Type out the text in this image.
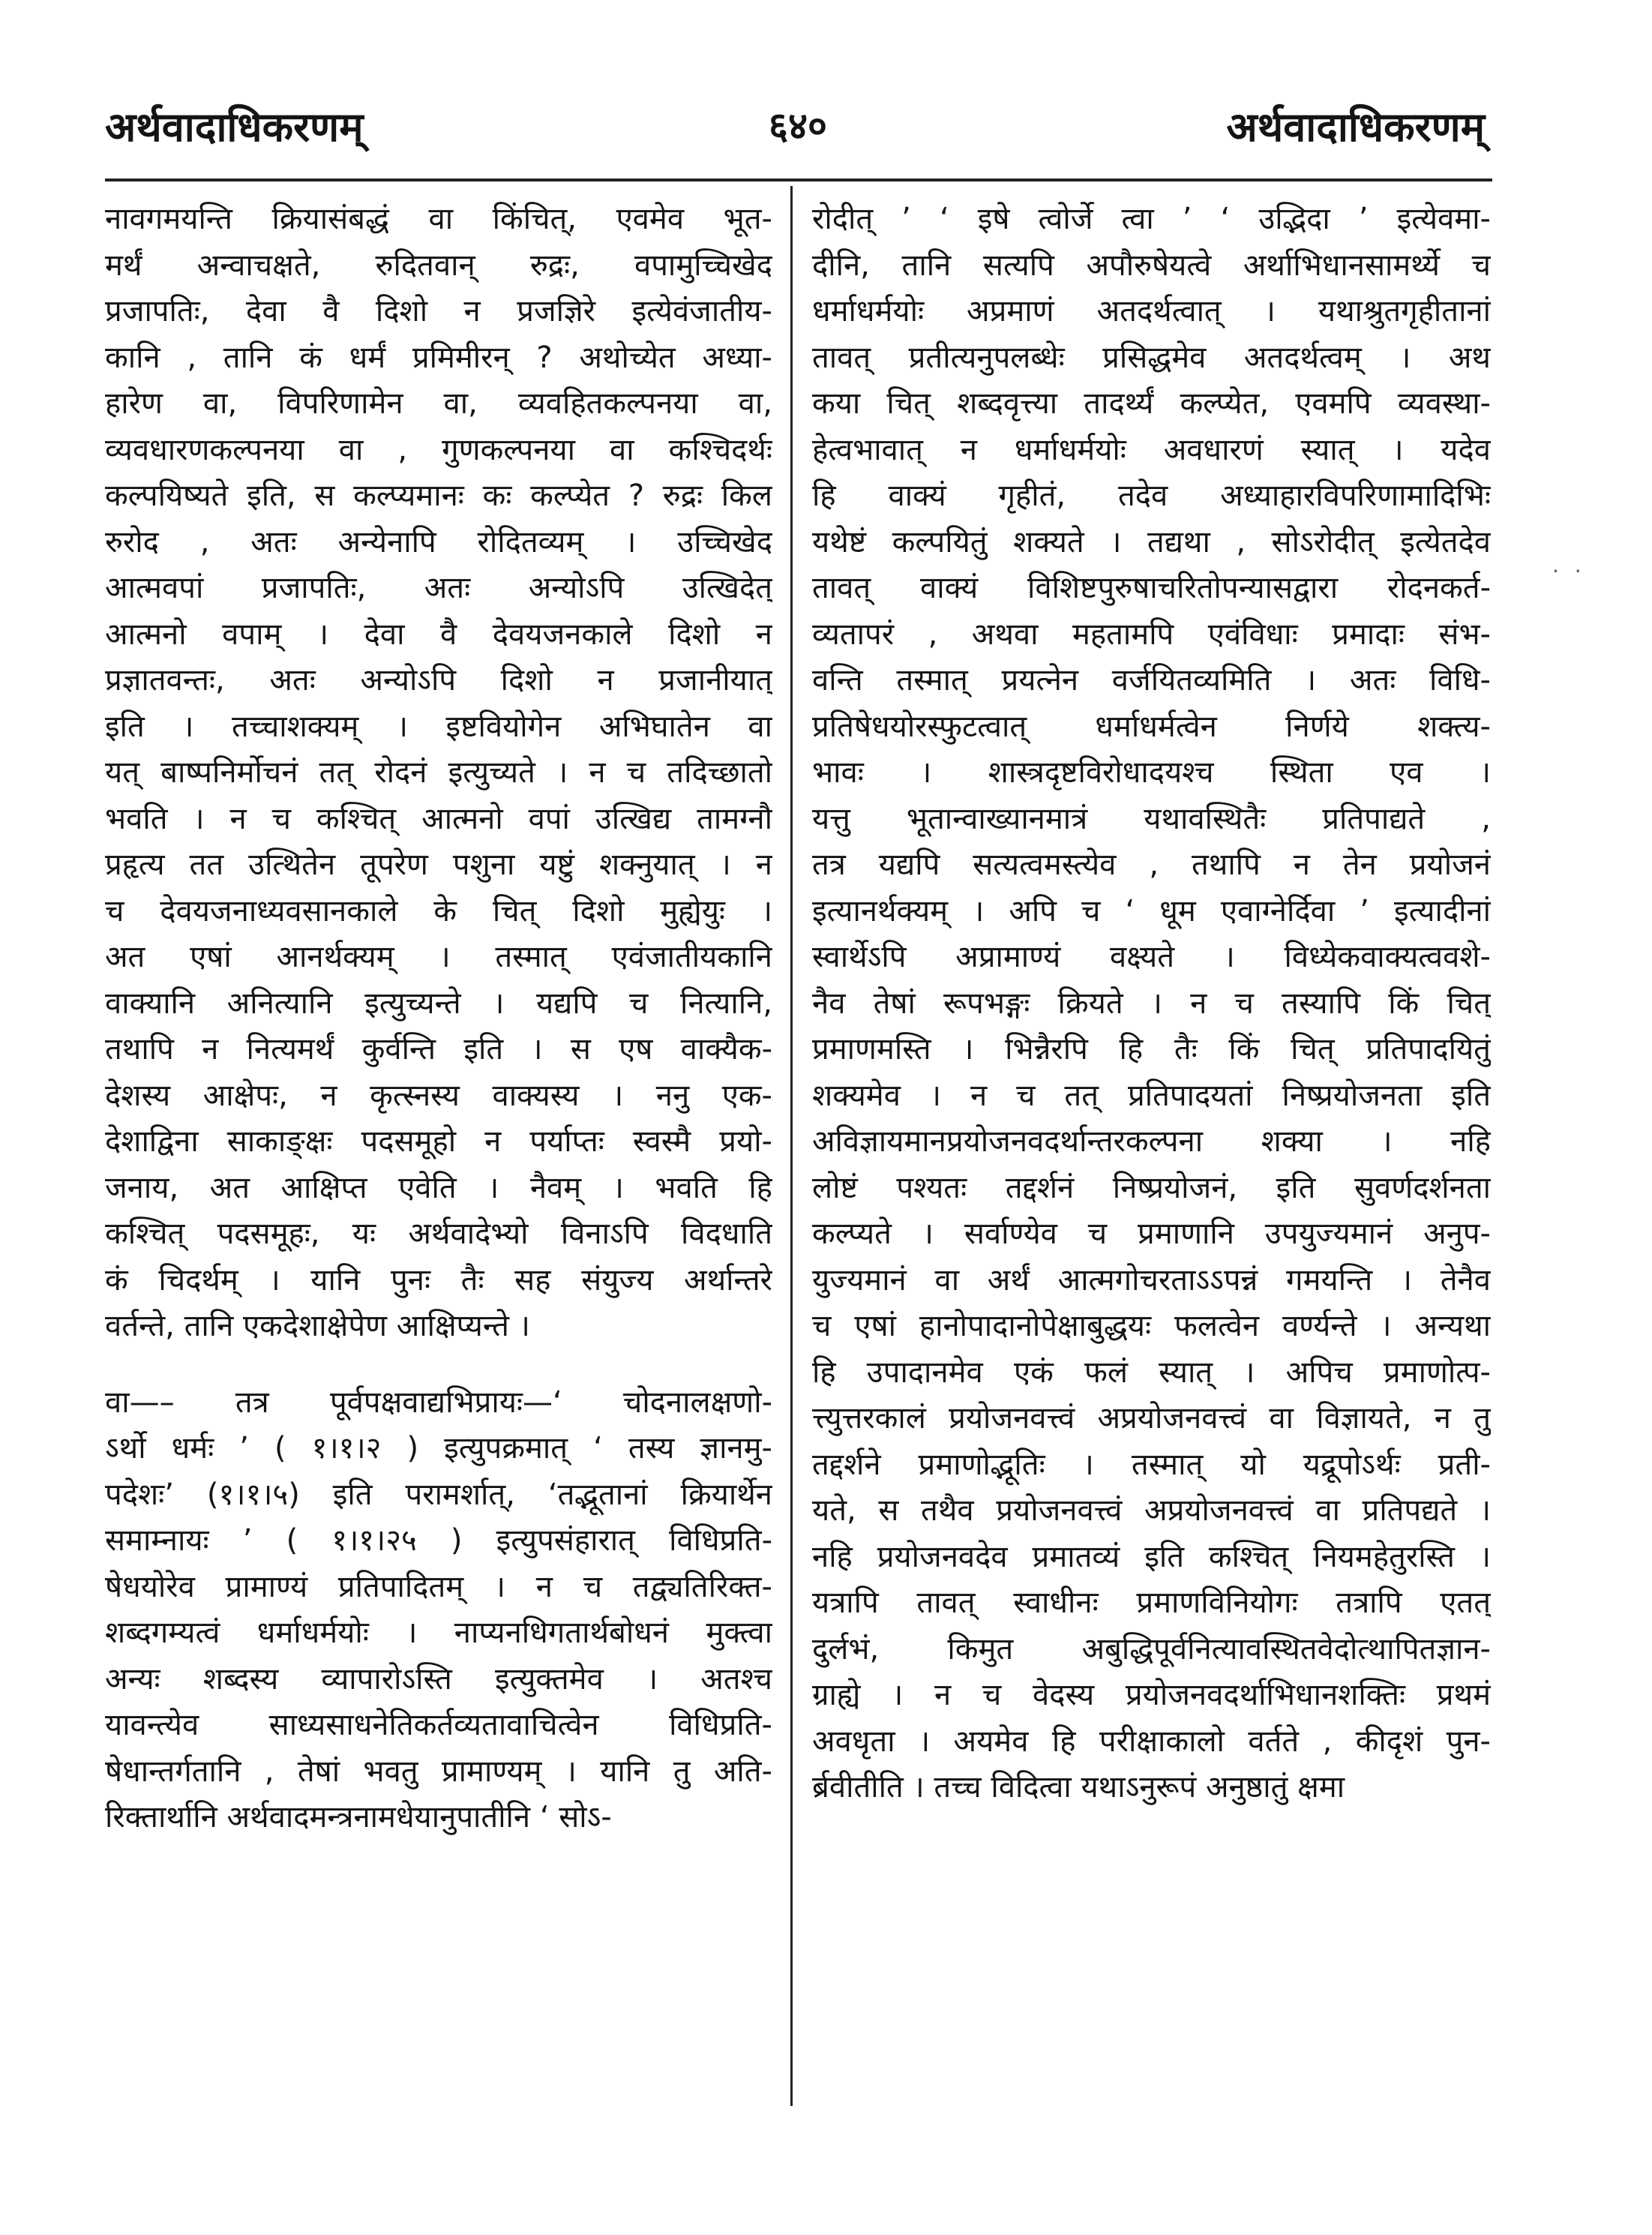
अर्थवादाधिकरणम्	६४०	अर्थवादाधिकरणम्
· ·
नावगमयन्ति क्रियासंबद्धं वा किंचित्, एवमेव भूत-
मर्थं अन्वाचक्षते, रुदितवान् रुद्रः, वपामुच्चिखेद
प्रजापतिः, देवा वै दिशो न प्रजज्ञिरे इत्येवंजातीय-
कानि , तानि कं धर्मं प्रमिमीरन् ? अथोच्येत अध्या-
हारेण वा, विपरिणामेन वा, व्यवहितकल्पनया वा,
व्यवधारणकल्पनया वा , गुणकल्पनया वा कश्चिदर्थः
कल्पयिष्यते इति, स कल्प्यमानः कः कल्प्येत ? रुद्रः किल
रुरोद , अतः अन्येनापि रोदितव्यम् । उच्चिखेद
आत्मवपां प्रजापतिः, अतः अन्योऽपि उत्खिदेत्
आत्मनो वपाम् । देवा वै देवयजनकाले दिशो न
प्रज्ञातवन्तः, अतः अन्योऽपि दिशो न प्रजानीयात्
इति । तच्चाशक्यम् । इष्टवियोगेन अभिघातेन वा
यत् बाष्पनिर्मोचनं तत् रोदनं इत्युच्यते । न च तदिच्छातो
भवति । न च कश्चित् आत्मनो वपां उत्खिद्य तामग्नौ
प्रहृत्य तत उत्थितेन तूपरेण पशुना यष्टुं शक्नुयात् । न
च देवयजनाध्यवसानकाले के चित् दिशो मुह्येयुः ।
अत एषां आनर्थक्यम् । तस्मात् एवंजातीयकानि
वाक्यानि अनित्यानि इत्युच्यन्ते । यद्यपि च नित्यानि,
तथापि न नित्यमर्थं कुर्वन्ति इति । स एष वाक्यैक-
देशस्य आक्षेपः, न कृत्स्नस्य वाक्यस्य । ननु एक-
देशाद्विना साकाङ्क्षः पदसमूहो न पर्याप्तः स्वस्मै प्रयो-
जनाय, अत आक्षिप्त एवेति । नैवम् । भवति हि
कश्चित् पदसमूहः, यः अर्थवादेभ्यो विनाऽपि विदधाति
कं चिदर्थम् । यानि पुनः तैः सह संयुज्य अर्थान्तरे
वर्तन्ते, तानि एकदेशाक्षेपेण आक्षिप्यन्ते ।
वा—– तत्र पूर्वपक्षवाद्यभिप्रायः—‘ चोदनालक्षणो-
ऽर्थो धर्मः ’ ( १।१।२ ) इत्युपक्रमात् ‘ तस्य ज्ञानमु-
पदेशः’ (१।१।५) इति परामर्शात्, ‘तद्भूतानां क्रियार्थेन
समाम्नायः ’ ( १।१।२५ ) इत्युपसंहारात् विधिप्रति-
षेधयोरेव प्रामाण्यं प्रतिपादितम् । न च तद्व्यतिरिक्त-
शब्दगम्यत्वं धर्माधर्मयोः । नाप्यनधिगतार्थबोधनं मुक्त्वा
अन्यः शब्दस्य व्यापारोऽस्ति इत्युक्तमेव । अतश्च
यावन्त्येव साध्यसाधनेतिकर्तव्यतावाचित्वेन विधिप्रति-
षेधान्तर्गतानि , तेषां भवतु प्रामाण्यम् । यानि तु अति-
रिक्तार्थानि अर्थवादमन्त्रनामधेयानुपातीनि ‘ सोऽ-
रोदीत् ’ ‘ इषे त्वोर्जे त्वा ’ ‘ उद्भिदा ’ इत्येवमा-
दीनि, तानि सत्यपि अपौरुषेयत्वे अर्थाभिधानसामर्थ्ये च
धर्माधर्मयोः अप्रमाणं अतदर्थत्वात् । यथाश्रुतगृहीतानां
तावत् प्रतीत्यनुपलब्धेः प्रसिद्धमेव अतदर्थत्वम् । अथ
कया चित् शब्दवृत्त्या तादर्थ्यं कल्प्येत, एवमपि व्यवस्था-
हेत्वभावात् न धर्माधर्मयोः अवधारणं स्यात् । यदेव
हि वाक्यं गृहीतं, तदेव अध्याहारविपरिणामादिभिः
यथेष्टं कल्पयितुं शक्यते । तद्यथा , सोऽरोदीत् इत्येतदेव
तावत् वाक्यं विशिष्टपुरुषाचरितोपन्यासद्वारा रोदनकर्त-
व्यतापरं , अथवा महतामपि एवंविधाः प्रमादाः संभ-
वन्ति तस्मात् प्रयत्नेन वर्जयितव्यमिति । अतः विधि-
प्रतिषेधयोरस्फुटत्वात् धर्माधर्मत्वेन निर्णये शक्त्य-
भावः । शास्त्रदृष्टविरोधादयश्च स्थिता एव ।
यत्तु भूतान्वाख्यानमात्रं यथावस्थितैः प्रतिपाद्यते ,
तत्र यद्यपि सत्यत्वमस्त्येव , तथापि न तेन प्रयोजनं
इत्यानर्थक्यम् । अपि च ‘ धूम एवाग्नेर्दिवा ’ इत्यादीनां
स्वार्थेऽपि अप्रामाण्यं वक्ष्यते । विध्येकवाक्यत्ववशे-
नैव तेषां रूपभङ्गः क्रियते । न च तस्यापि किं चित्
प्रमाणमस्ति । भिन्नैरपि हि तैः किं चित् प्रतिपादयितुं
शक्यमेव । न च तत् प्रतिपादयतां निष्प्रयोजनता इति
अविज्ञायमानप्रयोजनवदर्थान्तरकल्पना शक्या । नहि
लोष्टं पश्यतः तद्दर्शनं निष्प्रयोजनं, इति सुवर्णदर्शनता
कल्प्यते । सर्वाण्येव च प्रमाणानि उपयुज्यमानं अनुप-
युज्यमानं वा अर्थं आत्मगोचरताऽऽपन्नं गमयन्ति । तेनैव
च एषां हानोपादानोपेक्षाबुद्धयः फलत्वेन वर्ण्यन्ते । अन्यथा
हि उपादानमेव एकं फलं स्यात् । अपिच प्रमाणोत्प-
त्त्युत्तरकालं प्रयोजनवत्त्वं अप्रयोजनवत्त्वं वा विज्ञायते, न तु
तद्दर्शने प्रमाणोद्भूतिः । तस्मात् यो यद्रूपोऽर्थः प्रती-
यते, स तथैव प्रयोजनवत्त्वं अप्रयोजनवत्त्वं वा प्रतिपद्यते ।
नहि प्रयोजनवदेव प्रमातव्यं इति कश्चित् नियमहेतुरस्ति ।
यत्रापि तावत् स्वाधीनः प्रमाणविनियोगः तत्रापि एतत्
दुर्लभं, किमुत अबुद्धिपूर्वनित्यावस्थितवेदोत्थापितज्ञान-
ग्राह्ये । न च वेदस्य प्रयोजनवदर्थाभिधानशक्तिः प्रथमं
अवधृता । अयमेव हि परीक्षाकालो वर्तते , कीदृशं पुन-
र्ब्रवीतीति । तच्च विदित्वा यथाऽनुरूपं अनुष्ठातुं क्षमा
